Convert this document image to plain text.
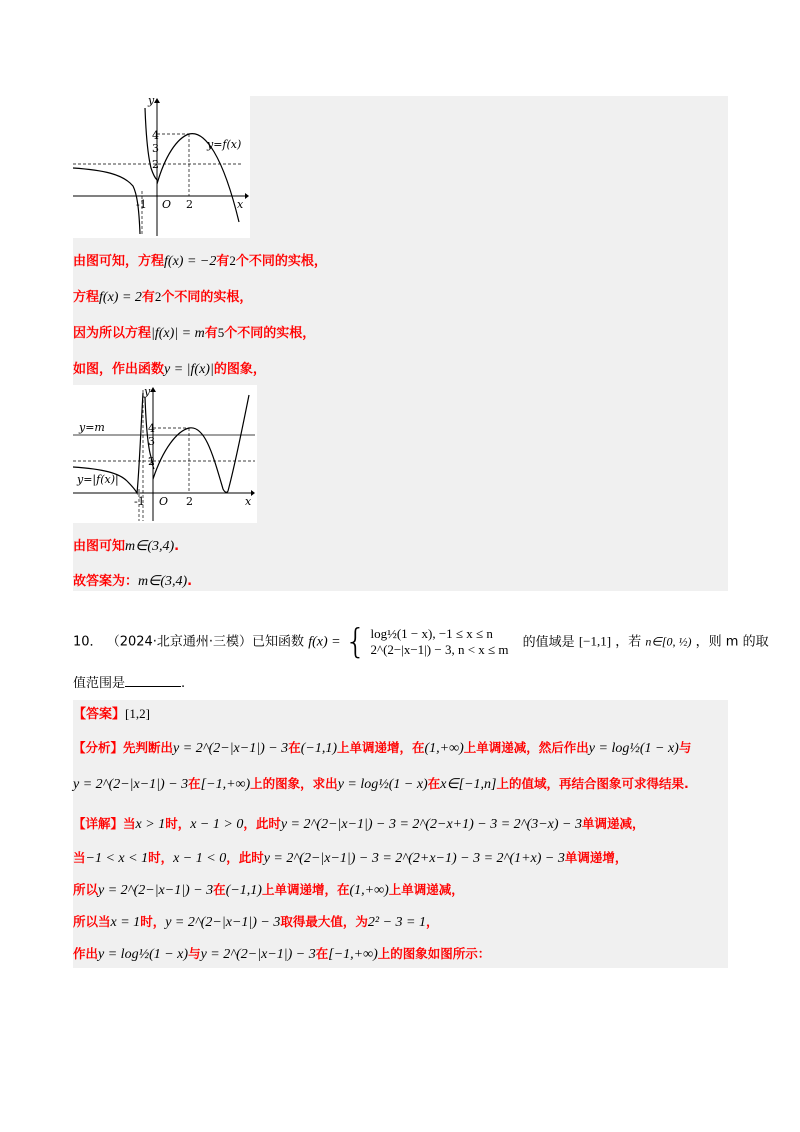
4
3
2
-1 O 2	x
y
y=f(x)
由图可知，方程f(x) = −2有2个不同的实根，
方程f(x) = 2有2个不同的实根，
因为所以方程|f(x)| = m有5个不同的实根，
如图，作出函数y = |f(x)|的图象，
4
3
2
-1 O 2	x
y
y=m
y=|f(x)|
由图可知m∈(3,4).
故答案为：m∈(3,4).
10． （2024·北京通州·三模）已知函数 f(x) = { log½(1 − x), −1 ≤ x ≤ n
2^(2−|x−1|) − 3, n < x ≤ m 的值域是 [−1,1] ，若 n∈[0, ½) ，则 m 的取
值范围是	.
【答案】[1,2]
【分析】先判断出y = 2^(2−|x−1|) − 3在(−1,1)上单调递增，在(1,+∞)上单调递减，然后作出y = log½(1 − x)与
y = 2^(2−|x−1|) − 3在[−1,+∞)上的图象，求出y = log½(1 − x)在x∈[−1,n]上的值域，再结合图象可求得结果.
【详解】当x > 1时，x − 1 > 0，此时y = 2^(2−|x−1|) − 3 = 2^(2−x+1) − 3 = 2^(3−x) − 3单调递减，
当−1 < x < 1时，x − 1 < 0，此时y = 2^(2−|x−1|) − 3 = 2^(2+x−1) − 3 = 2^(1+x) − 3单调递增，
所以y = 2^(2−|x−1|) − 3在(−1,1)上单调递增，在(1,+∞)上单调递减，
所以当x = 1时，y = 2^(2−|x−1|) − 3取得最大值，为2² − 3 = 1，
作出y = log½(1 − x)与y = 2^(2−|x−1|) − 3在[−1,+∞)上的图象如图所示：
